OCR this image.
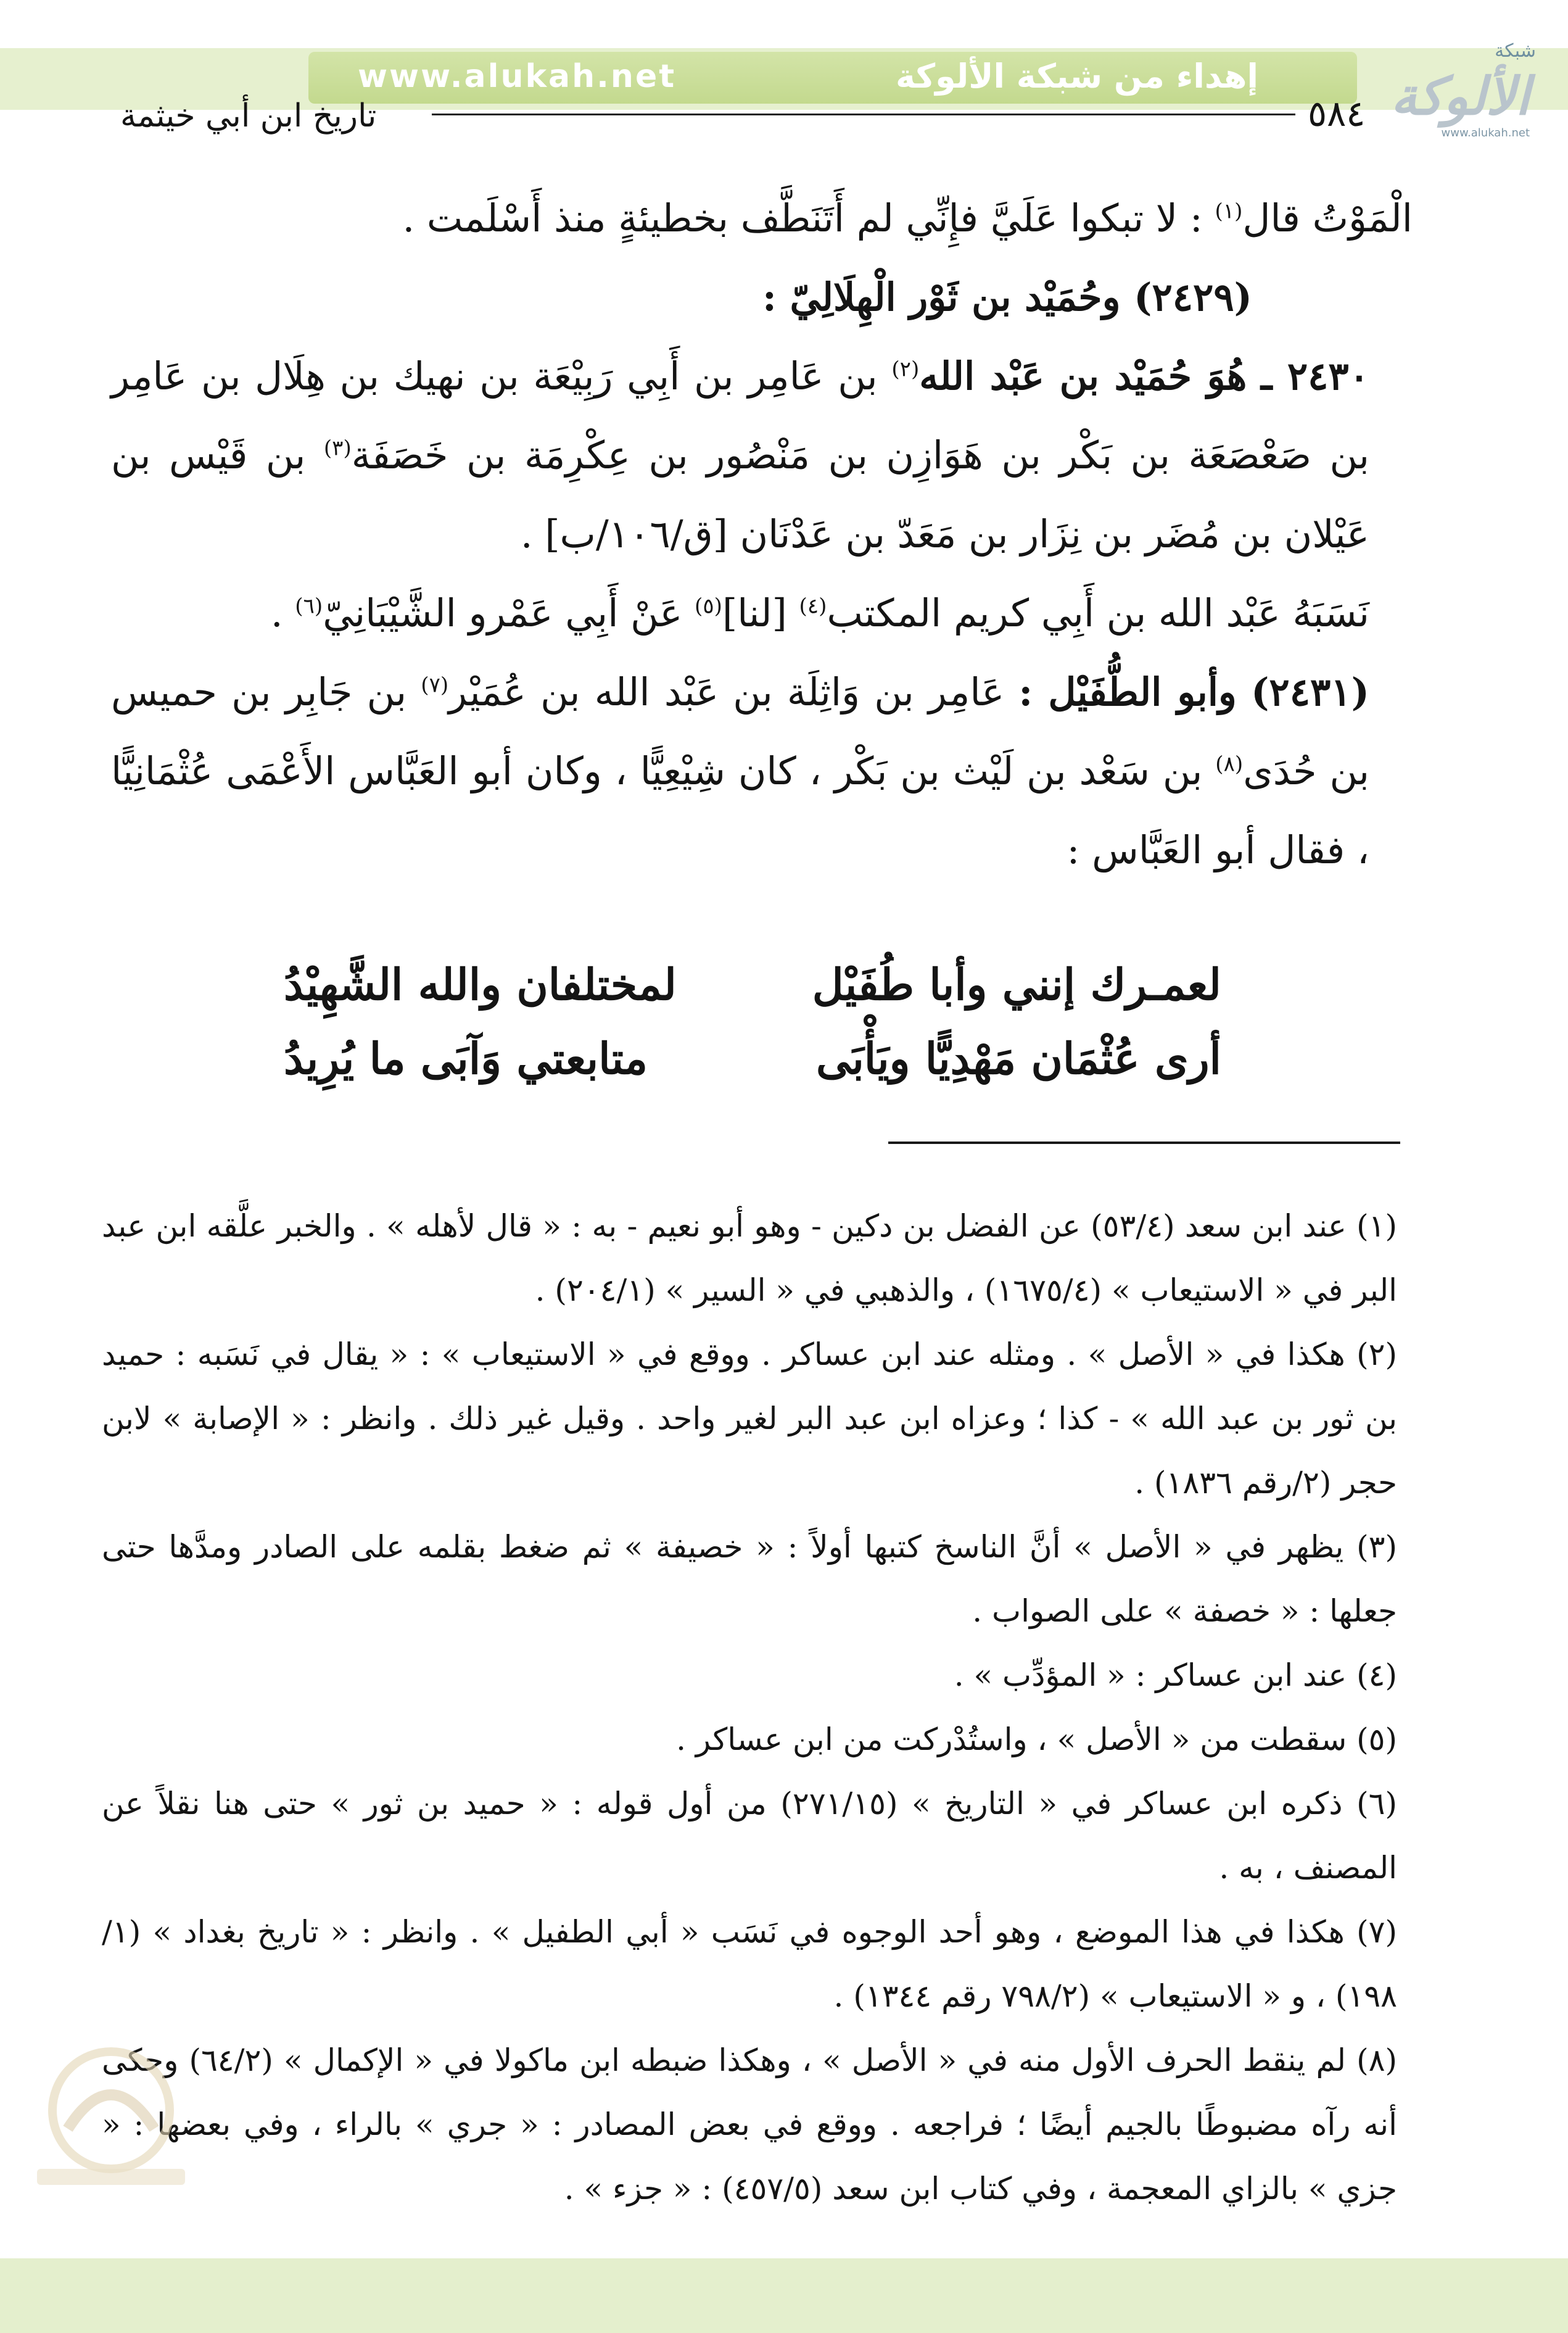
www.alukah.net	إهداء من شبكة الألوكة
شبكة
الألوكة
www.alukah.net
٥٨٤
تاريخ ابن أبي خيثمة

الْمَوْتُ قال$^{(١)}$ : لا تبكوا عَلَيَّ فإِنِّي لم أَتَنَطَّف بخطيئةٍ منذ أَسْلَمت .

(٢٤٢٩) وحُمَيْد بن ثَوْر الْهِلَالِيّ :

٢٤٣٠ ـ هُوَ حُمَيْد بن عَبْد الله$^{(٢)}$ بن عَامِر بن أَبِي رَبِيْعَة بن نهيك بن هِلَال بن عَامِر بن صَعْصَعَة بن بَكْر بن هَوَازِن بن مَنْصُور بن عِكْرِمَة بن خَصَفَة$^{(٣)}$ بن قَيْس بن عَيْلان بن مُضَر بن نِزَار بن مَعَدّ بن عَدْنَان [ق/١٠٦/ب] .

نَسَبَهُ عَبْد الله بن أَبِي كريم المكتب$^{(٤)}$ [لنا]$^{(٥)}$ عَنْ أَبِي عَمْرو الشَّيْبَانِيّ$^{(٦)}$ .

(٢٤٣١) وأبو الطُّفَيْل : عَامِر بن وَاثِلَة بن عَبْد الله بن عُمَيْر$^{(٧)}$ بن جَابِر بن حميس بن حُدَى$^{(٨)}$ بن سَعْد بن لَيْث بن بَكْر ، كان شِيْعِيًّا ، وكان أبو العَبَّاس الأَعْمَى عُثْمَانِيًّا ، فقال أبو العَبَّاس :

لعمـرك إنني وأبا طُفَيْل
لمختلفان والله الشَّهِيْدُ
أرى عُثْمَان مَهْدِيًّا ويَأْبَى
متابعتي وَآبَى ما يُرِيدُ

(١) عند ابن سعد (٥٣/٤) عن الفضل بن دكين - وهو أبو نعيم - به : « قال لأهله » . والخبر علَّقه ابن عبد البر في « الاستيعاب » (١٦٧٥/٤) ، والذهبي في « السير » (٢٠٤/١) .

(٢) هكذا في « الأصل » . ومثله عند ابن عساكر . ووقع في « الاستيعاب » : « يقال في نَسَبه : حميد بن ثور بن عبد الله » - كذا ؛ وعزاه ابن عبد البر لغير واحد . وقيل غير ذلك . وانظر : « الإصابة » لابن حجر (٢/رقم ١٨٣٦) .

(٣) يظهر في « الأصل » أنَّ الناسخ كتبها أولاً : « خصيفة » ثم ضغط بقلمه على الصادر ومدَّها حتى جعلها : « خصفة » على الصواب .

(٤) عند ابن عساكر : « المؤدِّب » .

(٥) سقطت من « الأصل » ، واستُدْركت من ابن عساكر .

(٦) ذكره ابن عساكر في « التاريخ » (٢٧١/١٥) من أول قوله : « حميد بن ثور » حتى هنا نقلاً عن المصنف ، به .

(٧) هكذا في هذا الموضع ، وهو أحد الوجوه في نَسَب « أبي الطفيل » . وانظر : « تاريخ بغداد » (١/ ١٩٨) ، و « الاستيعاب » (٧٩٨/٢ رقم ١٣٤٤) .

(٨) لم ينقط الحرف الأول منه في « الأصل » ، وهكذا ضبطه ابن ماكولا في « الإكمال » (٦٤/٢) وحكى أنه رآه مضبوطًا بالجيم أيضًا ؛ فراجعه . ووقع في بعض المصادر : « جري » بالراء ، وفي بعضها : « جزي » بالزاي المعجمة ، وفي كتاب ابن سعد (٤٥٧/٥) : « جزء » .
